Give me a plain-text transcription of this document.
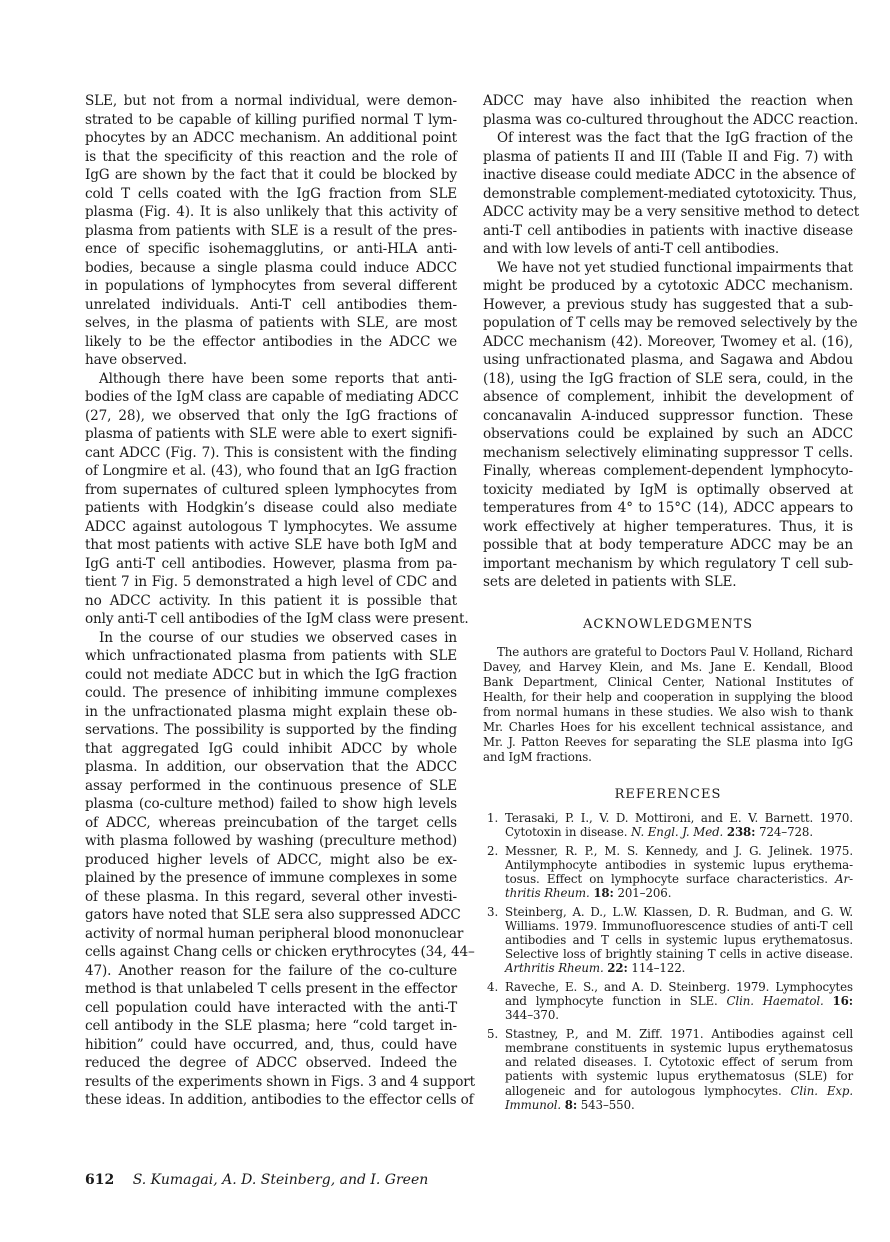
SLE, but not from a normal individual, were demon-
strated to be capable of killing purified normal T lym-
phocytes by an ADCC mechanism. An additional point
is that the specificity of this reaction and the role of
IgG are shown by the fact that it could be blocked by
cold T cells coated with the IgG fraction from SLE
plasma (Fig. 4). It is also unlikely that this activity of
plasma from patients with SLE is a result of the pres-
ence of specific isohemagglutins, or anti-HLA anti-
bodies, because a single plasma could induce ADCC
in populations of lymphocytes from several different
unrelated individuals. Anti-T cell antibodies them-
selves, in the plasma of patients with SLE, are most
likely to be the effector antibodies in the ADCC we
have observed.
Although there have been some reports that anti-
bodies of the IgM class are capable of mediating ADCC
(27, 28), we observed that only the IgG fractions of
plasma of patients with SLE were able to exert signifi-
cant ADCC (Fig. 7). This is consistent with the finding
of Longmire et al. (43), who found that an IgG fraction
from supernates of cultured spleen lymphocytes from
patients with Hodgkin’s disease could also mediate
ADCC against autologous T lymphocytes. We assume
that most patients with active SLE have both IgM and
IgG anti-T cell antibodies. However, plasma from pa-
tient 7 in Fig. 5 demonstrated a high level of CDC and
no ADCC activity. In this patient it is possible that
only anti-T cell antibodies of the IgM class were present.
In the course of our studies we observed cases in
which unfractionated plasma from patients with SLE
could not mediate ADCC but in which the IgG fraction
could. The presence of inhibiting immune complexes
in the unfractionated plasma might explain these ob-
servations. The possibility is supported by the finding
that aggregated IgG could inhibit ADCC by whole
plasma. In addition, our observation that the ADCC
assay performed in the continuous presence of SLE
plasma (co-culture method) failed to show high levels
of ADCC, whereas preincubation of the target cells
with plasma followed by washing (preculture method)
produced higher levels of ADCC, might also be ex-
plained by the presence of immune complexes in some
of these plasma. In this regard, several other investi-
gators have noted that SLE sera also suppressed ADCC
activity of normal human peripheral blood mononuclear
cells against Chang cells or chicken erythrocytes (34, 44–
47). Another reason for the failure of the co-culture
method is that unlabeled T cells present in the effector
cell population could have interacted with the anti-T
cell antibody in the SLE plasma; here “cold target in-
hibition” could have occurred, and, thus, could have
reduced the degree of ADCC observed. Indeed the
results of the experiments shown in Figs. 3 and 4 support
these ideas. In addition, antibodies to the effector cells of
ADCC may have also inhibited the reaction when
plasma was co-cultured throughout the ADCC reaction.
Of interest was the fact that the IgG fraction of the
plasma of patients II and III (Table II and Fig. 7) with
inactive disease could mediate ADCC in the absence of
demonstrable complement-mediated cytotoxicity. Thus,
ADCC activity may be a very sensitive method to detect
anti-T cell antibodies in patients with inactive disease
and with low levels of anti-T cell antibodies.
We have not yet studied functional impairments that
might be produced by a cytotoxic ADCC mechanism.
However, a previous study has suggested that a sub-
population of T cells may be removed selectively by the
ADCC mechanism (42). Moreover, Twomey et al. (16),
using unfractionated plasma, and Sagawa and Abdou
(18), using the IgG fraction of SLE sera, could, in the
absence of complement, inhibit the development of
concanavalin A-induced suppressor function. These
observations could be explained by such an ADCC
mechanism selectively eliminating suppressor T cells.
Finally, whereas complement-dependent lymphocyto-
toxicity mediated by IgM is optimally observed at
temperatures from 4° to 15°C (14), ADCC appears to
work effectively at higher temperatures. Thus, it is
possible that at body temperature ADCC may be an
important mechanism by which regulatory T cell sub-
sets are deleted in patients with SLE.
ACKNOWLEDGMENTS
The authors are grateful to Doctors Paul V. Holland, Richard
Davey, and Harvey Klein, and Ms. Jane E. Kendall, Blood
Bank Department, Clinical Center, National Institutes of
Health, for their help and cooperation in supplying the blood
from normal humans in these studies. We also wish to thank
Mr. Charles Hoes for his excellent technical assistance, and
Mr. J. Patton Reeves for separating the SLE plasma into IgG
and IgM fractions.
REFERENCES
1. Terasaki, P. I., V. D. Mottironi, and E. V. Barnett. 1970.
Cytotoxin in disease. N. Engl. J. Med. 238: 724–728.
2. Messner, R. P., M. S. Kennedy, and J. G. Jelinek. 1975.
Antilymphocyte antibodies in systemic lupus erythema-
tosus. Effect on lymphocyte surface characteristics. Ar-
thritis Rheum. 18: 201–206.
3. Steinberg, A. D., L.W. Klassen, D. R. Budman, and G. W.
Williams. 1979. Immunofluorescence studies of anti-T cell
antibodies and T cells in systemic lupus erythematosus.
Selective loss of brightly staining T cells in active disease.
Arthritis Rheum. 22: 114–122.
4. Raveche, E. S., and A. D. Steinberg. 1979. Lymphocytes
and lymphocyte function in SLE. Clin. Haematol. 16:
344–370.
5. Stastney, P., and M. Ziff. 1971. Antibodies against cell
membrane constituents in systemic lupus erythematosus
and related diseases. I. Cytotoxic effect of serum from
patients with systemic lupus erythematosus (SLE) for
allogeneic and for autologous lymphocytes. Clin. Exp.
Immunol. 8: 543–550.
612 S. Kumagai, A. D. Steinberg, and I. Green
